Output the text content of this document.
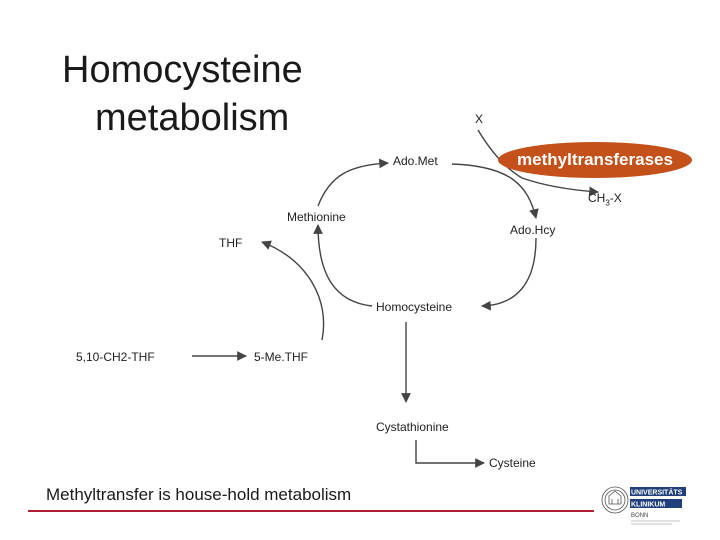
Homocysteine
metabolism	X
Ado.Met	methyltransferases
$CH_3-X$
Methionine
Ado.Hcy
THF
Homocysteine
5,10-CH2-THF	5-Me.THF
Cystathionine
Cysteine
Methyltransfer is house-hold metabolism	UNIVERSITÄTS
KLINIKUM
BONN
